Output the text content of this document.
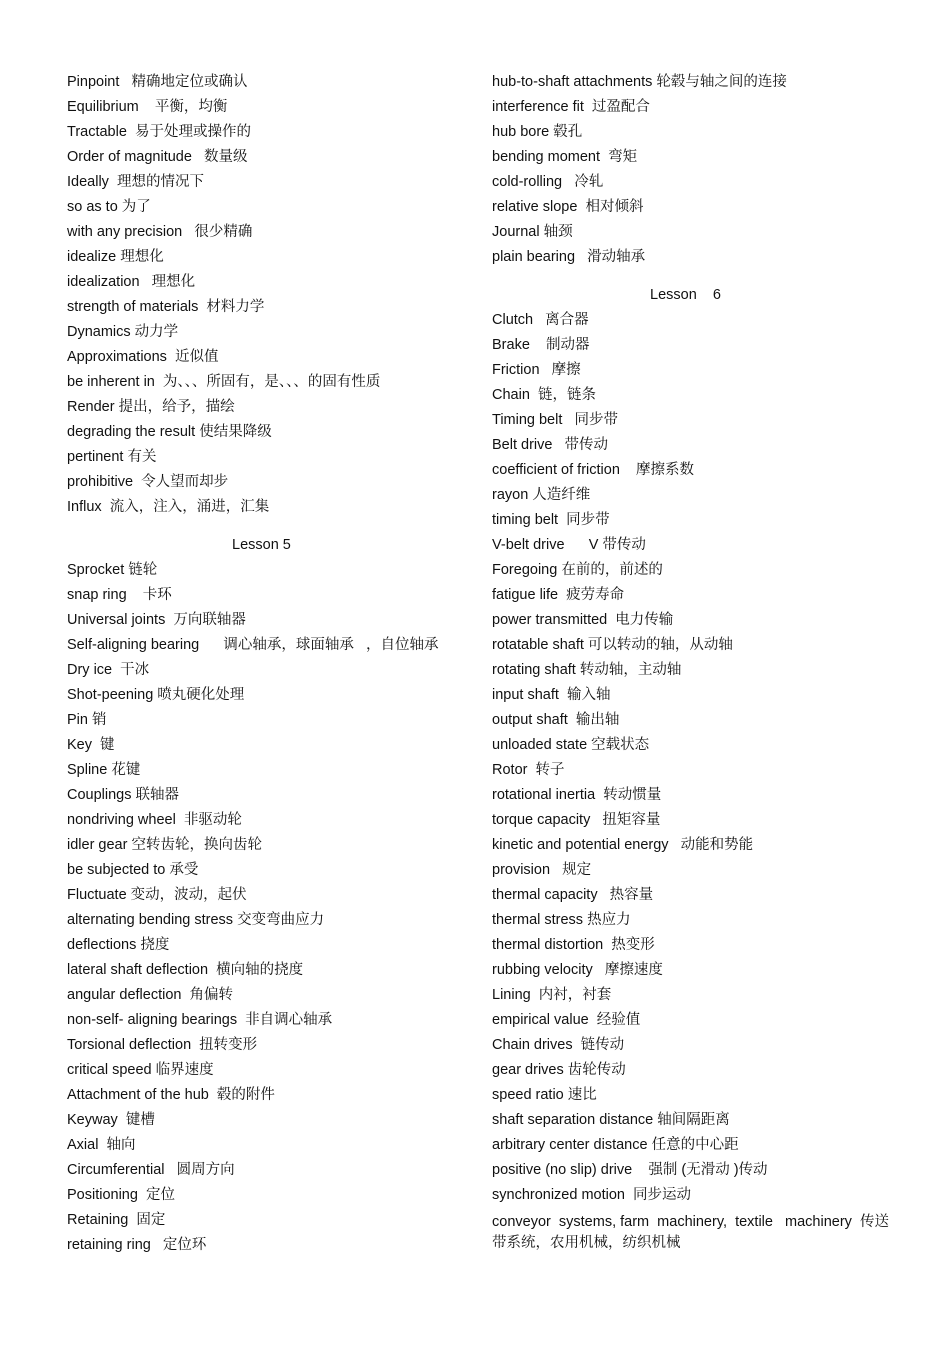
Pinpoint   精确地定位或确认
Equilibrium    平衡，均衡
Tractable  易于处理或操作的
Order of magnitude   数量级
Ideally  理想的情况下
so as to 为了
with any precision   很少精确
idealize 理想化
idealization   理想化
strength of materials  材料力学
Dynamics 动力学
Approximations  近似值
be inherent in  为、、、所固有，是、、、的固有性质
Render 提出，给予，描绘
degrading the result 使结果降级
pertinent 有关
prohibitive  令人望而却步
Influx  流入，注入，涌进，汇集
Lesson 5
Sprocket 链轮
snap ring    卡环
Universal joints  万向联轴器
Self-aligning bearing      调心轴承，球面轴承   ，自位轴承
Dry ice  干冰
Shot-peening 喷丸硬化处理
Pin 销
Key  键
Spline 花键
Couplings 联轴器
nondriving wheel  非驱动轮
idler gear 空转齿轮，换向齿轮
be subjected to 承受
Fluctuate 变动，波动，起伏
alternating bending stress 交变弯曲应力
deflections 挠度
lateral shaft deflection  横向轴的挠度
angular deflection  角偏转
non-self- aligning bearings  非自调心轴承
Torsional deflection  扭转变形
critical speed 临界速度
Attachment of the hub  毂的附件
Keyway  键槽
Axial  轴向
Circumferential   圆周方向
Positioning  定位
Retaining  固定
retaining ring   定位环
hub-to-shaft attachments 轮毂与轴之间的连接
interference fit  过盈配合
hub bore 毂孔
bending moment  弯矩
cold-rolling   冷轧
relative slope  相对倾斜
Journal 轴颈
plain bearing   滑动轴承
Lesson    6
Clutch   离合器
Brake    制动器
Friction   摩擦
Chain  链，链条
Timing belt   同步带
Belt drive   带传动
coefficient of friction    摩擦系数
rayon 人造纤维
timing belt  同步带
V-belt drive      V 带传动
Foregoing 在前的，前述的
fatigue life  疲劳寿命
power transmitted  电力传输
rotatable shaft 可以转动的轴，从动轴
rotating shaft 转动轴，主动轴
input shaft  输入轴
output shaft  输出轴
unloaded state 空载状态
Rotor  转子
rotational inertia  转动惯量
torque capacity   扭矩容量
kinetic and potential energy   动能和势能
provision   规定
thermal capacity   热容量
thermal stress 热应力
thermal distortion  热变形
rubbing velocity   摩擦速度
Lining  内衬，衬套
empirical value  经验值
Chain drives  链传动
gear drives 齿轮传动
speed ratio 速比
shaft separation distance 轴间隔距离
arbitrary center distance 任意的中心距
positive (no slip) drive    强制 (无滑动 )传动
synchronized motion  同步运动
conveyor  systems, farm  machinery,  textile   machinery  传送带系统，农用机械，纺织机械
